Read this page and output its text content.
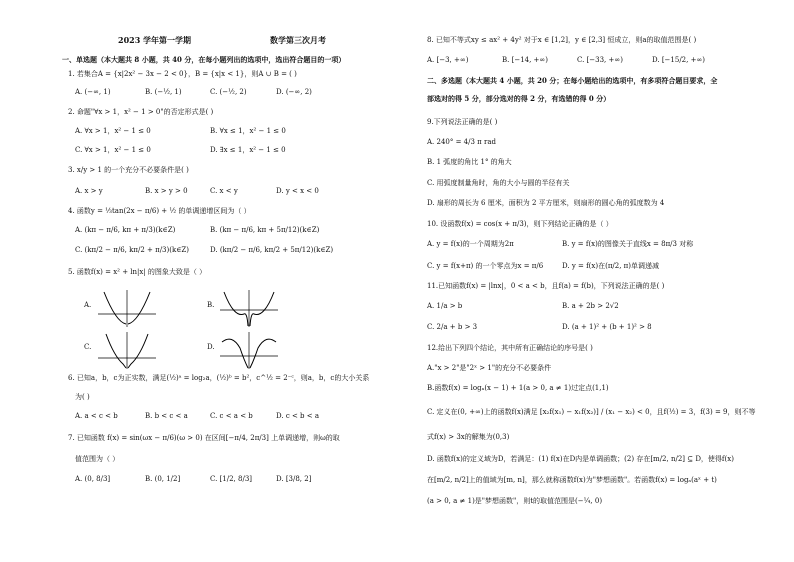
2023 学年第一学期	数学第三次月考
一、单选题（本大题共 8 小题，共 40 分，在每小题列出的选项中，选出符合题目的一项）
1. 若集合A = {x|2x² − 3x − 2 < 0}，B = {x|x < 1}，则A ∪ B = ( )
A. (−∞, 1)	B. (−½, 1)	C. (−½, 2)	D. (−∞, 2)
2. 命题"∀x > 1，x² − 1 > 0"的否定形式是( )
A. ∀x > 1，x² − 1 ≤ 0	B. ∀x ≤ 1，x² − 1 ≤ 0
C. ∀x > 1，x² − 1 ≤ 0	D. ∃x ≤ 1，x² − 1 ≤ 0
3. x/y > 1 的一个充分不必要条件是( )
A. x > y	B. x > y > 0	C. x < y	D. y < x < 0
4. 函数y = ⅓tan(2x − π/6) + ½ 的单调递增区间为（ ）
A. (kπ − π/6, kπ + π/3)(k∈Z)	B. (kπ − π/6, kπ + 5π/12)(k∈Z)
C. (kπ/2 − π/6, kπ/2 + π/3)(k∈Z)	D. (kπ/2 − π/6, kπ/2 + 5π/12)(k∈Z)
5. 函数f(x) = x² + ln|x| 的图象大致是（ ）
A.	B.
C.	D.
6. 已知a，b，c为正实数，满足(½)ᵃ = log₂a，(½)ᵇ = b²，c^½ = 2⁻ᶜ，则a，b，c的大小关系
为( )
A. a < c < b	B. b < c < a	C. c < a < b	D. c < b < a
7. 已知函数 f(x) = sin(ωx − π/6)(ω > 0) 在区间[−π/4, 2π/3] 上单调递增，则ω的取
值范围为（ ）
A. (0, 8/3]	B. (0, 1/2]	C. [1/2, 8/3]	D. [3/8, 2]
8. 已知不等式xy ≤ ax² + 4y² 对于x ∈ [1,2]，y ∈ [2,3] 恒成立，则a的取值范围是( )
A. [−3, +∞)	B. [−14, +∞)	C. [−33, +∞)	D. [−15/2, +∞)
二、多选题（本大题共 4 小题，共 20 分；在每小题给出的选项中，有多项符合题目要求，全
部选对的得 5 分，部分选对的得 2 分，有选错的得 0 分）
9.下列说法正确的是( )
A. 240° = 4/3 π rad
B. 1 弧度的角比 1° 的角大
C. 用弧度制量角时，角的大小与圆的半径有关
D. 扇形的周长为 6 厘米，面积为 2 平方厘米，则扇形的圆心角的弧度数为 4
10. 设函数f(x) = cos(x + π/3)，则下列结论正确的是（ ）
A. y = f(x)的一个周期为2π	B. y = f(x)的图像关于直线x = 8π/3 对称
C. y = f(x+π) 的一个零点为x = π/6	D. y = f(x)在(π/2, π)单调递减
11.已知函数f(x) = |lnx|，0 < a < b，且f(a) = f(b)，下列说法正确的是( )
A. 1/a > b	B. a + 2b > 2√2
C. 2/a + b > 3	D. (a + 1)² + (b + 1)² > 8
12.给出下列四个结论，其中所有正确结论的序号是( )
A."x > 2"是"2ˣ > 1"的充分不必要条件
B.函数f(x) = logₐ(x − 1) + 1(a > 0, a ≠ 1)过定点(1,1)
C. 定义在(0, +∞)上的函数f(x)满足 [x₂f(x₁) − x₁f(x₂)] / (x₁ − x₂) < 0，且f(½) = 3，f(3) = 9，则不等
式f(x) > 3x的解集为(0,3)
D. 函数f(x)的定义域为D，若满足：(1) f(x)在D内是单调函数；(2) 存在[m/2, n/2] ⊆ D，使得f(x)
在[m/2, n/2]上的值域为[m, n]，那么就称函数f(x)为"梦想函数"。若函数f(x) = logₐ(aˣ + t)
(a > 0, a ≠ 1)是"梦想函数"，则t的取值范围是(−¼, 0)
